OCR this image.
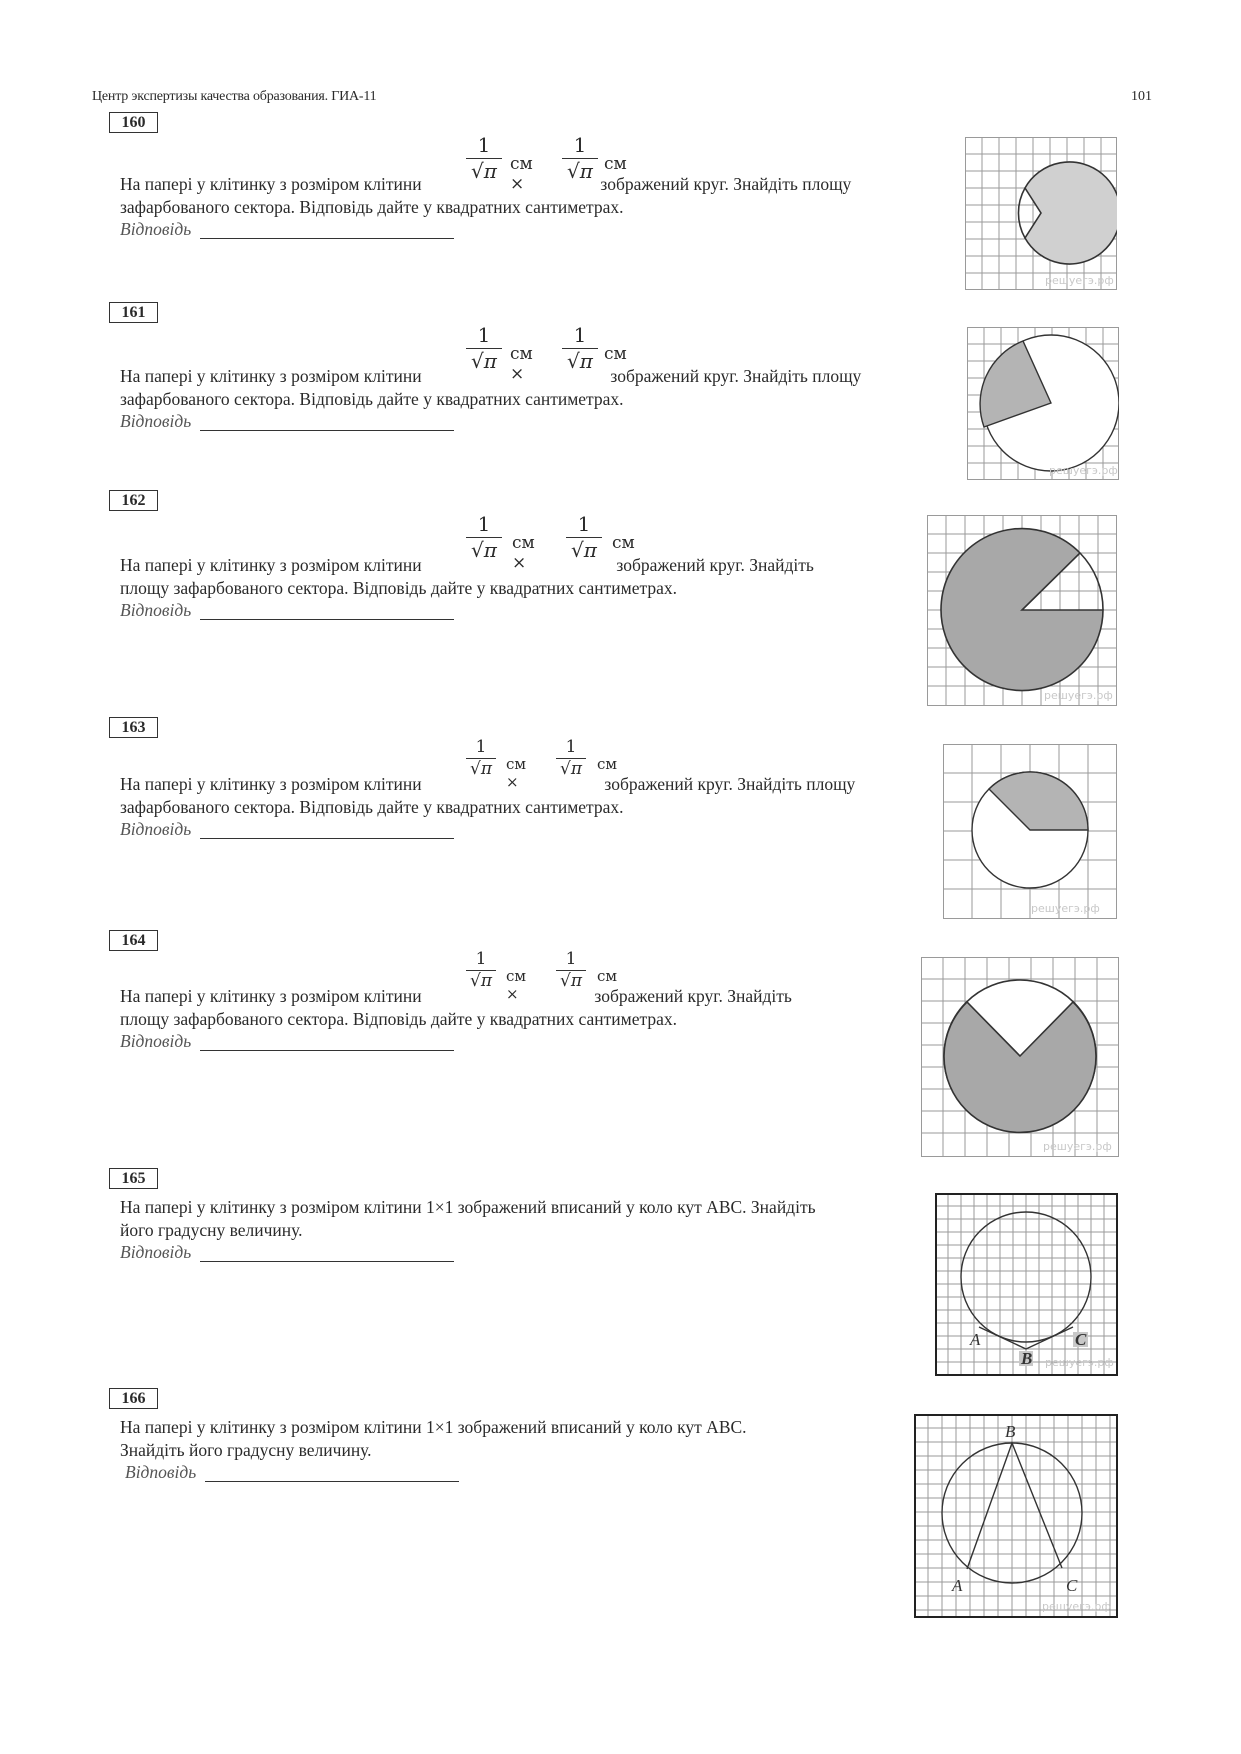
Центр экспертизы качества образования. ГИА-11	101
160
1
√π см ×
1
√π см
На папері у клітинку з розміром клітини	зображений круг. Знайдіть площу
зафарбованого сектора. Відповідь дайте у квадратних сантиметрах.
Відповідь
решуегэ.рф
161
1
√π см ×
1
√π см
На папері у клітинку з розміром клітини	зображений круг. Знайдіть площу
зафарбованого сектора. Відповідь дайте у квадратних сантиметрах.
Відповідь
решуегэ.рф
162
1
√π см ×
1
√π см
На папері у клітинку з розміром клітини	зображений круг. Знайдіть
площу зафарбованого сектора. Відповідь дайте у квадратних сантиметрах.
Відповідь
решуегэ.рф
163
1
√π см ×
1
√π см
На папері у клітинку з розміром клітини	зображений круг. Знайдіть площу
зафарбованого сектора. Відповідь дайте у квадратних сантиметрах.
Відповідь
решуегэ.рф
164
1
√π см ×
1
√π см
На папері у клітинку з розміром клітини	зображений круг. Знайдіть
площу зафарбованого сектора. Відповідь дайте у квадратних сантиметрах.
Відповідь
решуегэ.рф
165
На папері у клітинку з розміром клітини 1×1 зображений вписаний у коло кут ABC. Знайдіть
його градусну величину.
Відповідь
A
B
C
решуегэ.рф
166
На папері у клітинку з розміром клітини 1×1 зображений вписаний у коло кут ABC.
Знайдіть його градусну величину.
Відповідь
B
A	C
решуегэ.рф
